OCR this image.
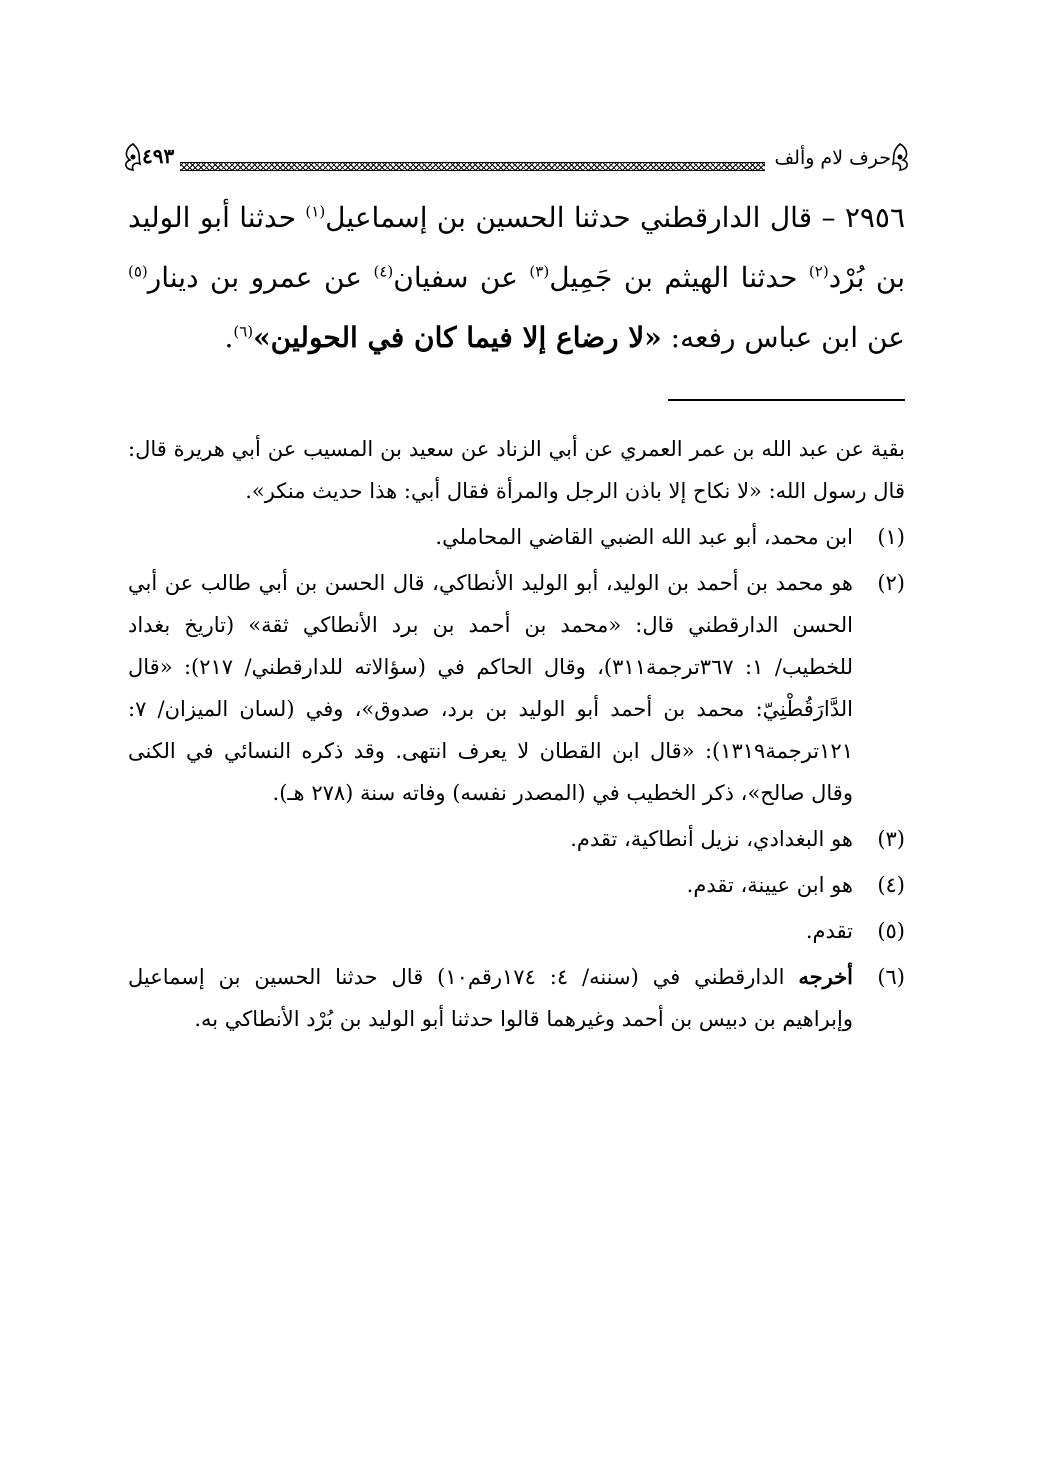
حرف لام وألف
٤٩٣
٢٩٥٦ – قال الدارقطني حدثنا الحسين بن إسماعيل$^{(١)}$ حدثنا أبو الوليد بن بُرْد$^{(٢)}$ حدثنا الهيثم بن جَمِيل$^{(٣)}$ عن سفيان$^{(٤)}$ عن عمرو بن دينار$^{(٥)}$ عن ابن عباس رفعه: «لا رضاع إلا فيما كان في الحولين»$^{(٦)}$.

بقية عن عبد الله بن عمر العمري عن أبي الزناد عن سعيد بن المسيب عن أبي هريرة قال: قال رسول الله: «لا نكاح إلا باذن الرجل والمرأة فقال أبي: هذا حديث منكر».

(١)
ابن محمد، أبو عبد الله الضبي القاضي المحاملي.
(٢)
هو محمد بن أحمد بن الوليد، أبو الوليد الأنطاكي، قال الحسن بن أبي طالب عن أبي الحسن الدارقطني قال: «محمد بن أحمد بن برد الأنطاكي ثقة» (تاريخ بغداد للخطيب/ ١: ٣٦٧ترجمة٣١١)، وقال الحاكم في (سؤالاته للدارقطني/ ٢١٧): «قال الدَّارَقُطْنِيّ: محمد بن أحمد أبو الوليد بن برد، صدوق»، وفي (لسان الميزان/ ٧: ١٢١ترجمة١٣١٩): «قال ابن القطان لا يعرف انتهى. وقد ذكره النسائي في الكنى وقال صالح»، ذكر الخطيب في (المصدر نفسه) وفاته سنة (٢٧٨ هـ).
(٣)
هو البغدادي، نزيل أنطاكية، تقدم.
(٤)
هو ابن عيينة، تقدم.
(٥)
تقدم.
(٦)
أخرجه الدارقطني في (سننه/ ٤: ١٧٤رقم١٠) قال حدثنا الحسين بن إسماعيل وإبراهيم بن دبيس بن أحمد وغيرهما قالوا حدثنا أبو الوليد بن بُرْد الأنطاكي به.
